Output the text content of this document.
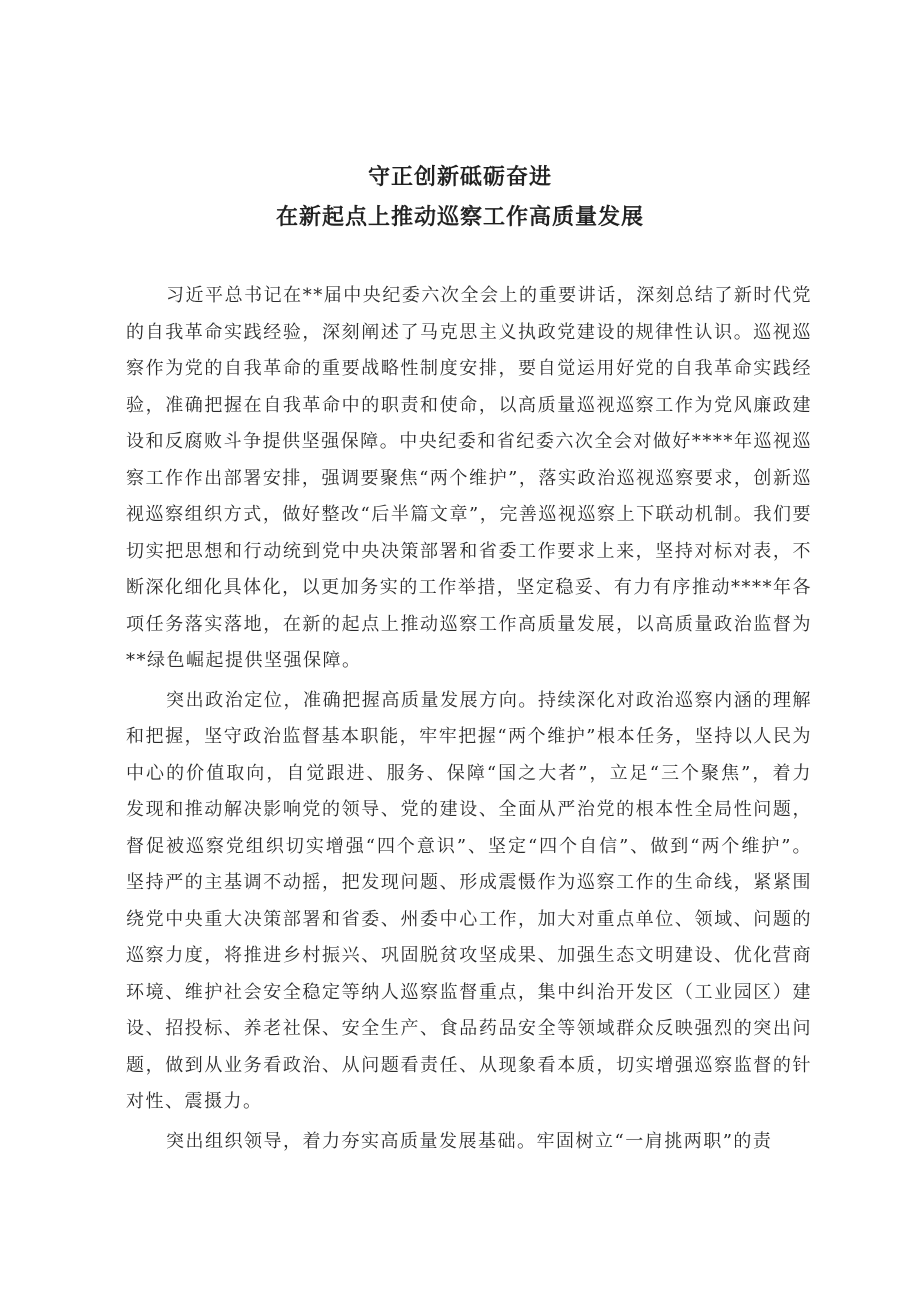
守正创新砥砺奋进
在新起点上推动巡察工作高质量发展

习近平总书记在**届中央纪委六次全会上的重要讲话，深刻总结了新时代党的自我革命实践经验，深刻阐述了马克思主义执政党建设的规律性认识。巡视巡察作为党的自我革命的重要战略性制度安排，要自觉运用好党的自我革命实践经验，准确把握在自我革命中的职责和使命，以高质量巡视巡察工作为党风廉政建设和反腐败斗争提供坚强保障。中央纪委和省纪委六次全会对做好****年巡视巡察工作作出部署安排，强调要聚焦“两个维护”，落实政治巡视巡察要求，创新巡视巡察组织方式，做好整改“后半篇文章”，完善巡视巡察上下联动机制。我们要切实把思想和行动统到党中央决策部署和省委工作要求上来，坚持对标对表，不断深化细化具体化，以更加务实的工作举措，坚定稳妥、有力有序推动****年各项任务落实落地，在新的起点上推动巡察工作高质量发展，以高质量政治监督为**绿色崛起提供坚强保障。

突出政治定位，准确把握高质量发展方向。持续深化对政治巡察内涵的理解和把握，坚守政治监督基本职能，牢牢把握“两个维护”根本任务，坚持以人民为中心的价值取向，自觉跟进、服务、保障“国之大者”，立足“三个聚焦”，着力发现和推动解决影响党的领导、党的建设、全面从严治党的根本性全局性问题，督促被巡察党组织切实增强“四个意识”、坚定“四个自信”、做到“两个维护”。坚持严的主基调不动摇，把发现问题、形成震慑作为巡察工作的生命线，紧紧围绕党中央重大决策部署和省委、州委中心工作，加大对重点单位、领域、问题的巡察力度，将推进乡村振兴、巩固脱贫攻坚成果、加强生态文明建设、优化营商环境、维护社会安全稳定等纳人巡察监督重点，集中纠治开发区（工业园区）建设、招投标、养老社保、安全生产、食品药品安全等领域群众反映强烈的突出问题，做到从业务看政治、从问题看责任、从现象看本质，切实增强巡察监督的针对性、震摄力。

突出组织领导，着力夯实高质量发展基础。牢固树立“一肩挑两职”的责
